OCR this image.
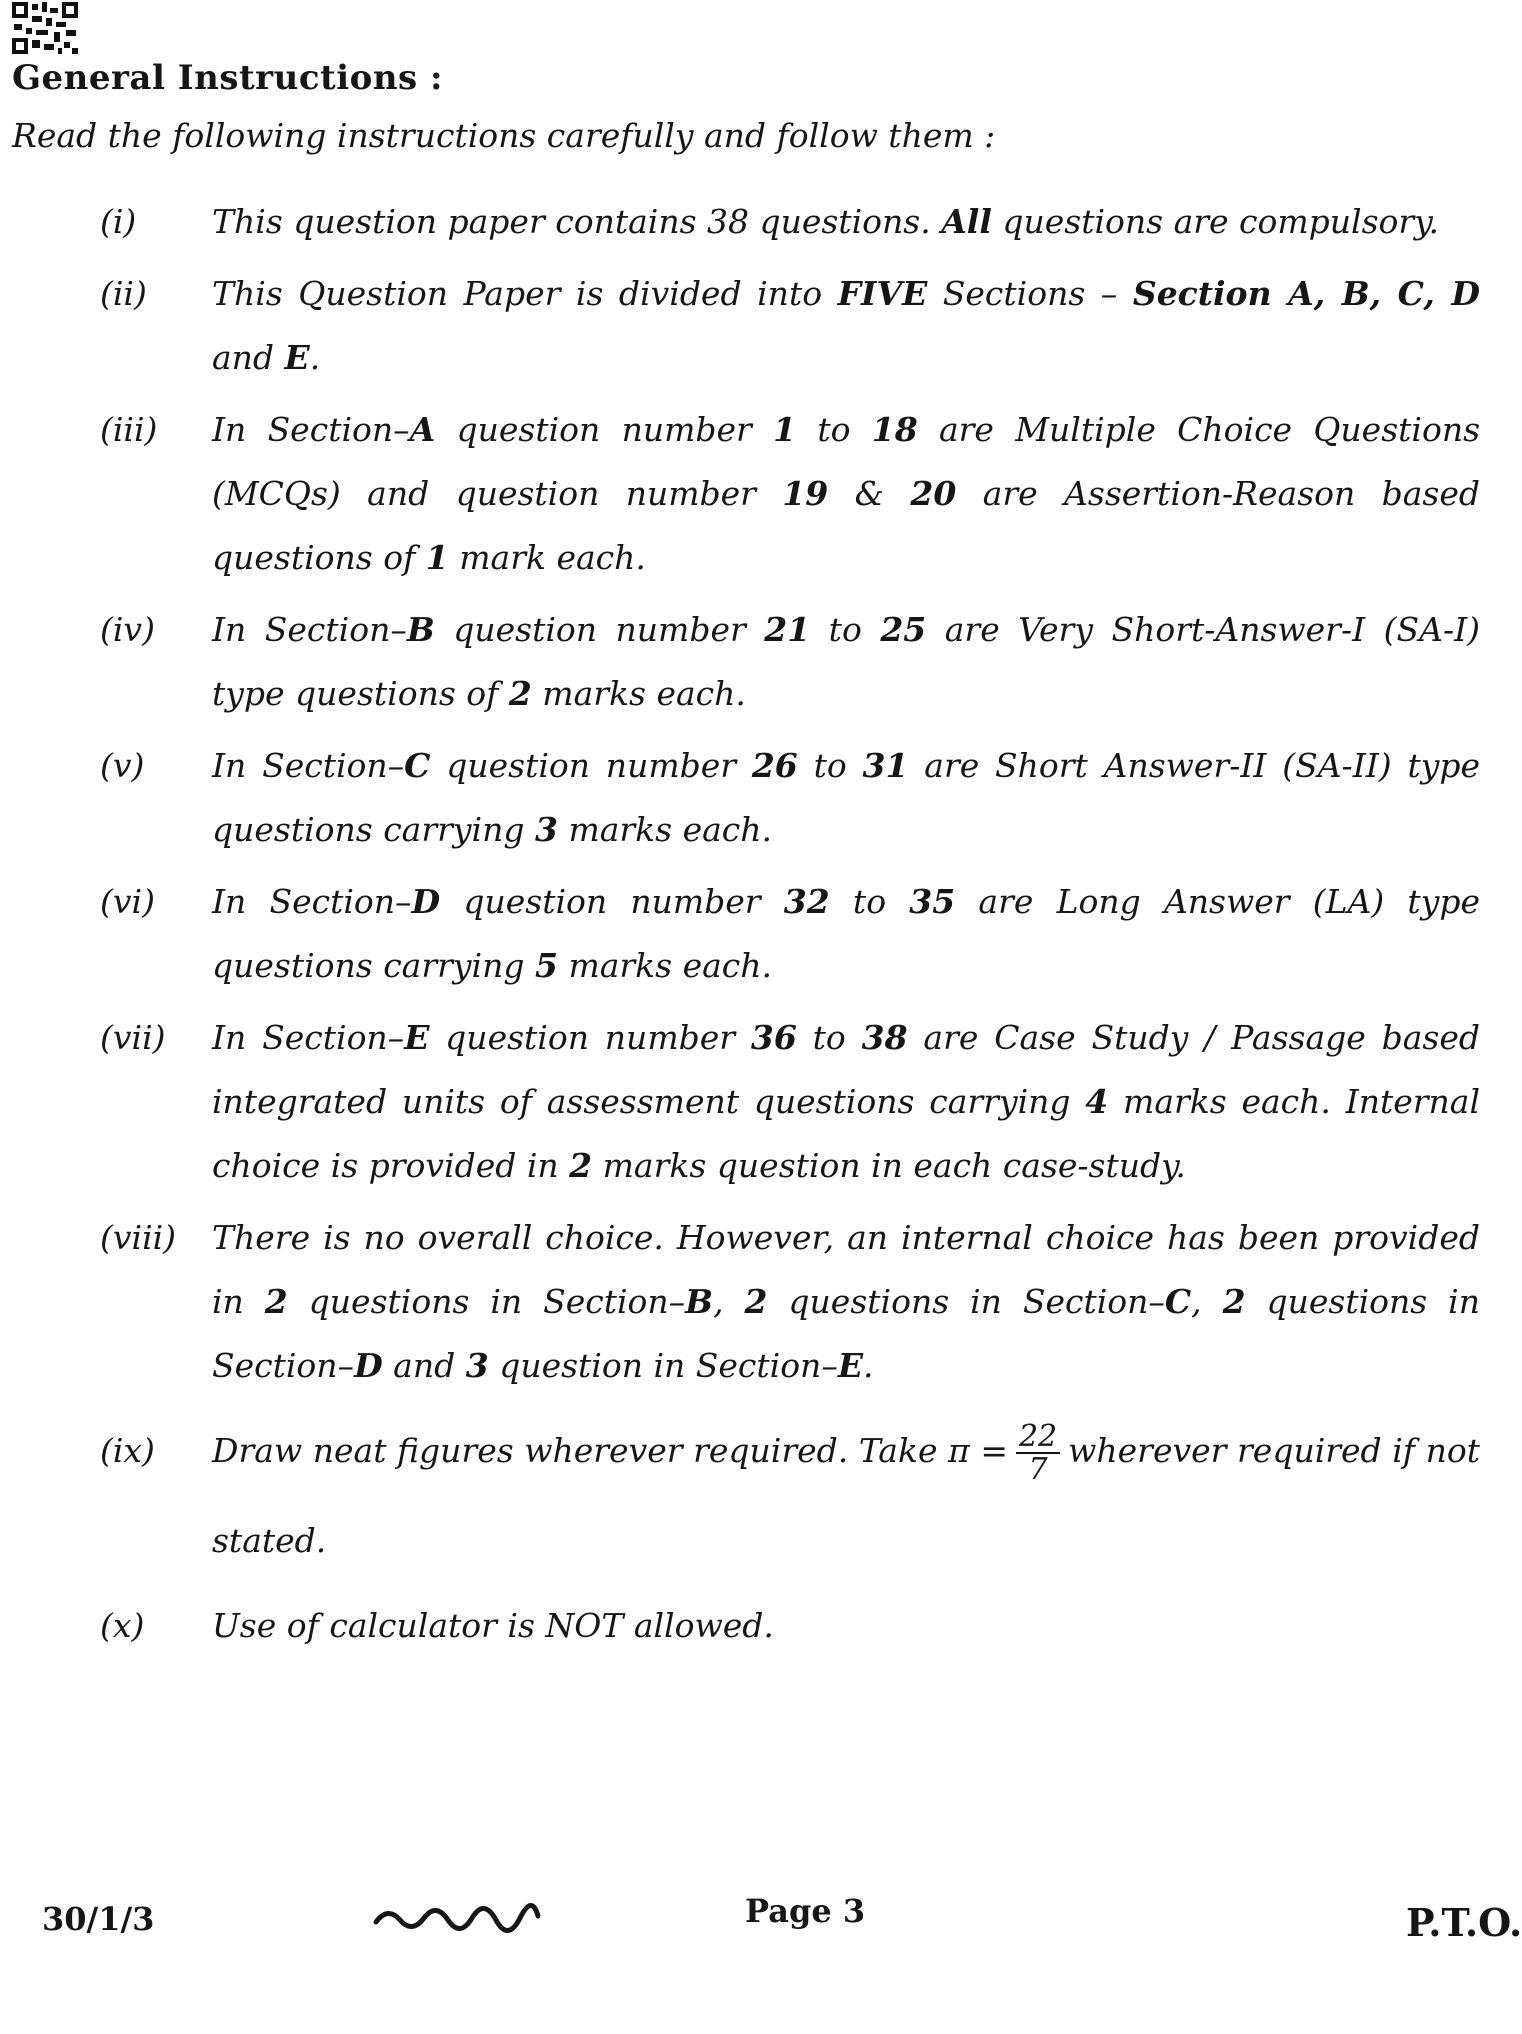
General Instructions :

Read the following instructions carefully and follow them :

(i)	This question paper contains 38 questions. All questions are compulsory.
(ii)	This Question Paper is divided into FIVE Sections – Section A, B, C, D and E.
(iii)	In Section–A question number 1 to 18 are Multiple Choice Questions (MCQs) and question number 19 & 20 are Assertion-Reason based questions of 1 mark each.
(iv)	In Section–B question number 21 to 25 are Very Short-Answer-I (SA-I) type questions of 2 marks each.
(v)	In Section–C question number 26 to 31 are Short Answer-II (SA-II) type questions carrying 3 marks each.
(vi)	In Section–D question number 32 to 35 are Long Answer (LA) type questions carrying 5 marks each.
(vii)	In Section–E question number 36 to 38 are Case Study / Passage based integrated units of assessment questions carrying 4 marks each. Internal choice is provided in 2 marks question in each case-study.
(viii)	There is no overall choice. However, an internal choice has been provided in 2 questions in Section–B, 2 questions in Section–C, 2 questions in Section–D and 3 question in Section–E.
(ix)	Draw neat figures wherever required. Take $\pi = \frac{22}{7}$ wherever required if not stated.
(x)	Use of calculator is NOT allowed.
30/1/3	Page 3	P.T.O.
